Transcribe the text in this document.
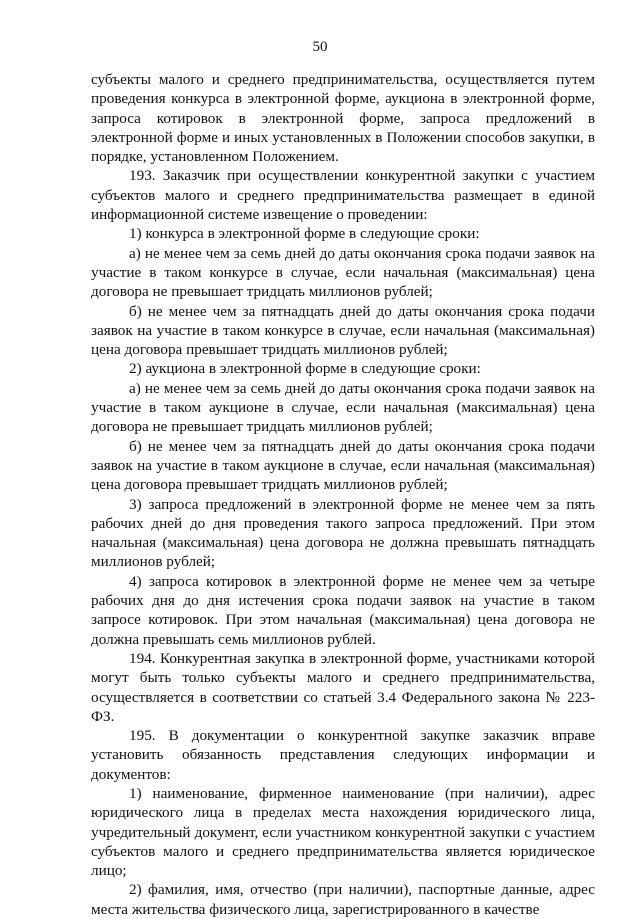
50

субъекты малого и среднего предпринимательства, осуществляется путем проведения конкурса в электронной форме, аукциона в электронной форме, запроса котировок в электронной форме, запроса предложений в электронной форме и иных установленных в Положении способов закупки, в порядке, установленном Положением.

193. Заказчик при осуществлении конкурентной закупки с участием субъектов малого и среднего предпринимательства размещает в единой информационной системе извещение о проведении:

1) конкурса в электронной форме в следующие сроки:

а) не менее чем за семь дней до даты окончания срока подачи заявок на участие в таком конкурсе в случае, если начальная (максимальная) цена договора не превышает тридцать миллионов рублей;

б) не менее чем за пятнадцать дней до даты окончания срока подачи заявок на участие в таком конкурсе в случае, если начальная (максимальная) цена договора превышает тридцать миллионов рублей;

2) аукциона в электронной форме в следующие сроки:

а) не менее чем за семь дней до даты окончания срока подачи заявок на участие в таком аукционе в случае, если начальная (максимальная) цена договора не превышает тридцать миллионов рублей;

б) не менее чем за пятнадцать дней до даты окончания срока подачи заявок на участие в таком аукционе в случае, если начальная (максимальная) цена договора превышает тридцать миллионов рублей;

3) запроса предложений в электронной форме не менее чем за пять рабочих дней до дня проведения такого запроса предложений. При этом начальная (максимальная) цена договора не должна превышать пятнадцать миллионов рублей;

4) запроса котировок в электронной форме не менее чем за четыре рабочих дня до дня истечения срока подачи заявок на участие в таком запросе котировок. При этом начальная (максимальная) цена договора не должна превышать семь миллионов рублей.

194. Конкурентная закупка в электронной форме, участниками которой могут быть только субъекты малого и среднего предпринимательства, осуществляется в соответствии со статьей 3.4 Федерального закона № 223-ФЗ.

195. В документации о конкурентной закупке заказчик вправе установить обязанность представления следующих информации и документов:

1) наименование, фирменное наименование (при наличии), адрес юридического лица в пределах места нахождения юридического лица, учредительный документ, если участником конкурентной закупки с участием субъектов малого и среднего предпринимательства является юридическое лицо;

2) фамилия, имя, отчество (при наличии), паспортные данные, адрес места жительства физического лица, зарегистрированного в качестве
